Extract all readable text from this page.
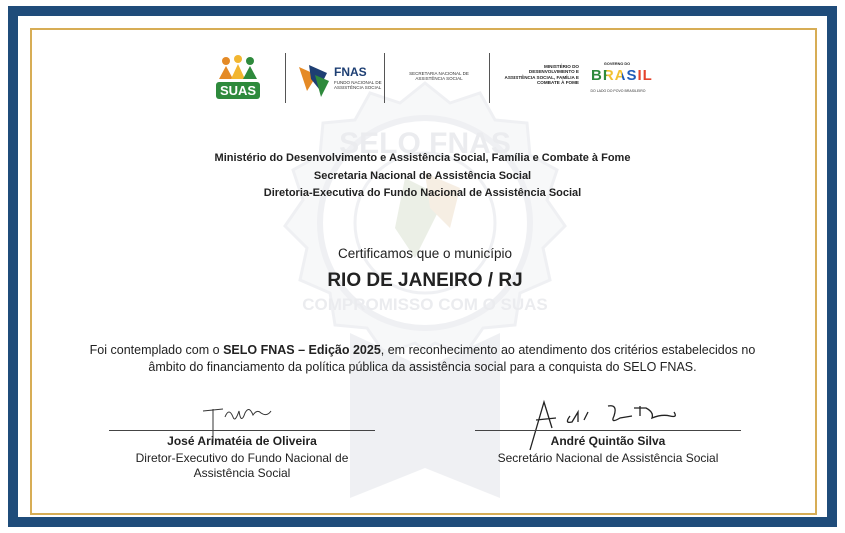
SELO FNAS
COMPROMISSO COM O SUAS
SUAS
FNAS
FUNDO NACIONAL DE ASSISTÊNCIA SOCIAL
SECRETARIA NACIONAL DE ASSISTÊNCIA SOCIAL
MINISTÉRIO DO DESENVOLVIMENTO E ASSISTÊNCIA SOCIAL, FAMÍLIA E COMBATE À FOME
GOVERNO DO
BRASIL
DO LADO DO POVO BRASILEIRO
Ministério do Desenvolvimento e Assistência Social, Família e Combate à Fome
Secretaria Nacional de Assistência Social
Diretoria-Executiva do Fundo Nacional de Assistência Social
Certificamos que o município
RIO DE JANEIRO / RJ
Foi contemplado com o SELO FNAS – Edição 2025, em reconhecimento ao atendimento dos critérios estabelecidos no
âmbito do financiamento da política pública da assistência social para a conquista do SELO FNAS.
José Arimatéia de Oliveira
Diretor-Executivo do Fundo Nacional de
Assistência Social
André Quintão Silva
Secretário Nacional de Assistência Social
